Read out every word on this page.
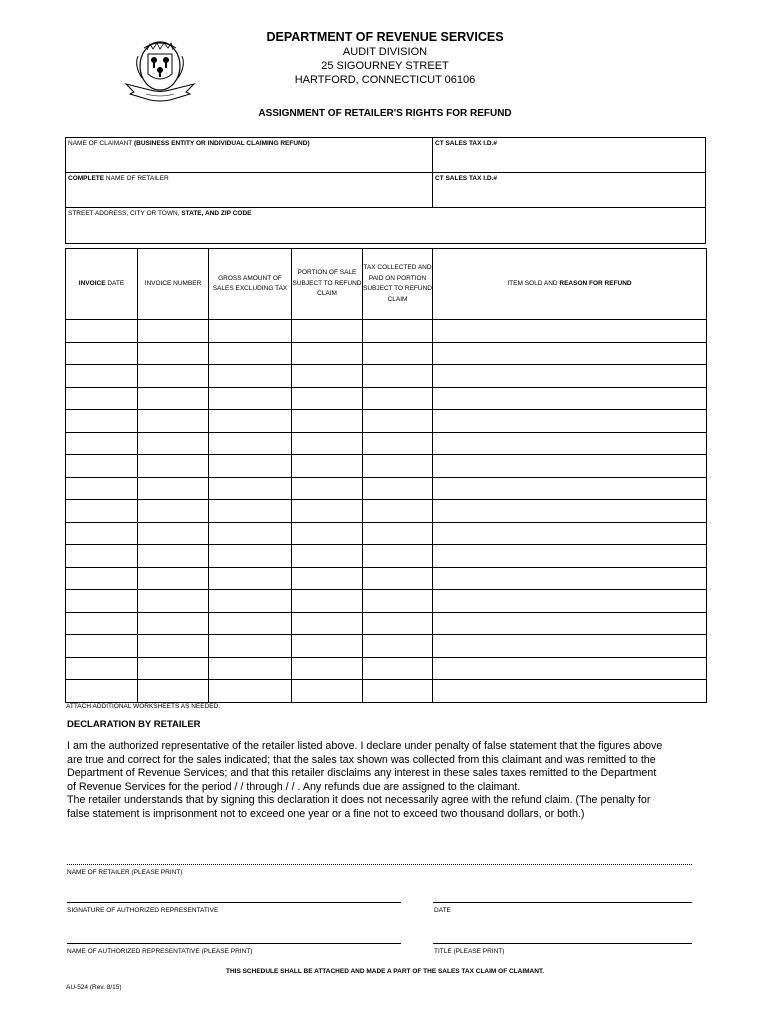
DEPARTMENT OF REVENUE SERVICES
AUDIT DIVISION
25 SIGOURNEY STREET
HARTFORD, CONNECTICUT 06106
ASSIGNMENT OF RETAILER'S RIGHTS FOR REFUND
NAME OF CLAIMANT (BUSINESS ENTITY OR INDIVIDUAL CLAIMING REFUND)	CT SALES TAX I.D.#
COMPLETE NAME OF RETAILER	CT SALES TAX I.D.#
STREET ADDRESS, CITY OR TOWN, STATE, AND ZIP CODE
INVOICE DATE	INVOICE NUMBER	GROSS AMOUNT OF SALES EXCLUDING TAX	PORTION OF SALE SUBJECT TO REFUND CLAIM	TAX COLLECTED AND PAID ON PORTION SUBJECT TO REFUND CLAIM	ITEM SOLD AND REASON FOR REFUND

ATTACH ADDITIONAL WORKSHEETS AS NEEDED.
DECLARATION BY RETAILER
I am the authorized representative of the retailer listed above. I declare under penalty of false statement that the figures above
are true and correct for the sales indicated; that the sales tax shown was collected from this claimant and was remitted to the
Department of Revenue Services; and that this retailer disclaims any interest in these sales taxes remitted to the Department
of Revenue Services for the period / / through / / . Any refunds due are assigned to the claimant.
The retailer understands that by signing this declaration it does not necessarily agree with the refund claim. (The penalty for
false statement is imprisonment not to exceed one year or a fine not to exceed two thousand dollars, or both.)
NAME OF RETAILER (PLEASE PRINT)
SIGNATURE OF AUTHORIZED REPRESENTATIVE	DATE
NAME OF AUTHORIZED REPRESENTATIVE (PLEASE PRINT)	TITLE (PLEASE PRINT)
THIS SCHEDULE SHALL BE ATTACHED AND MADE A PART OF THE SALES TAX CLAIM OF CLAIMANT.
AU-524 (Rev. 8/15)
